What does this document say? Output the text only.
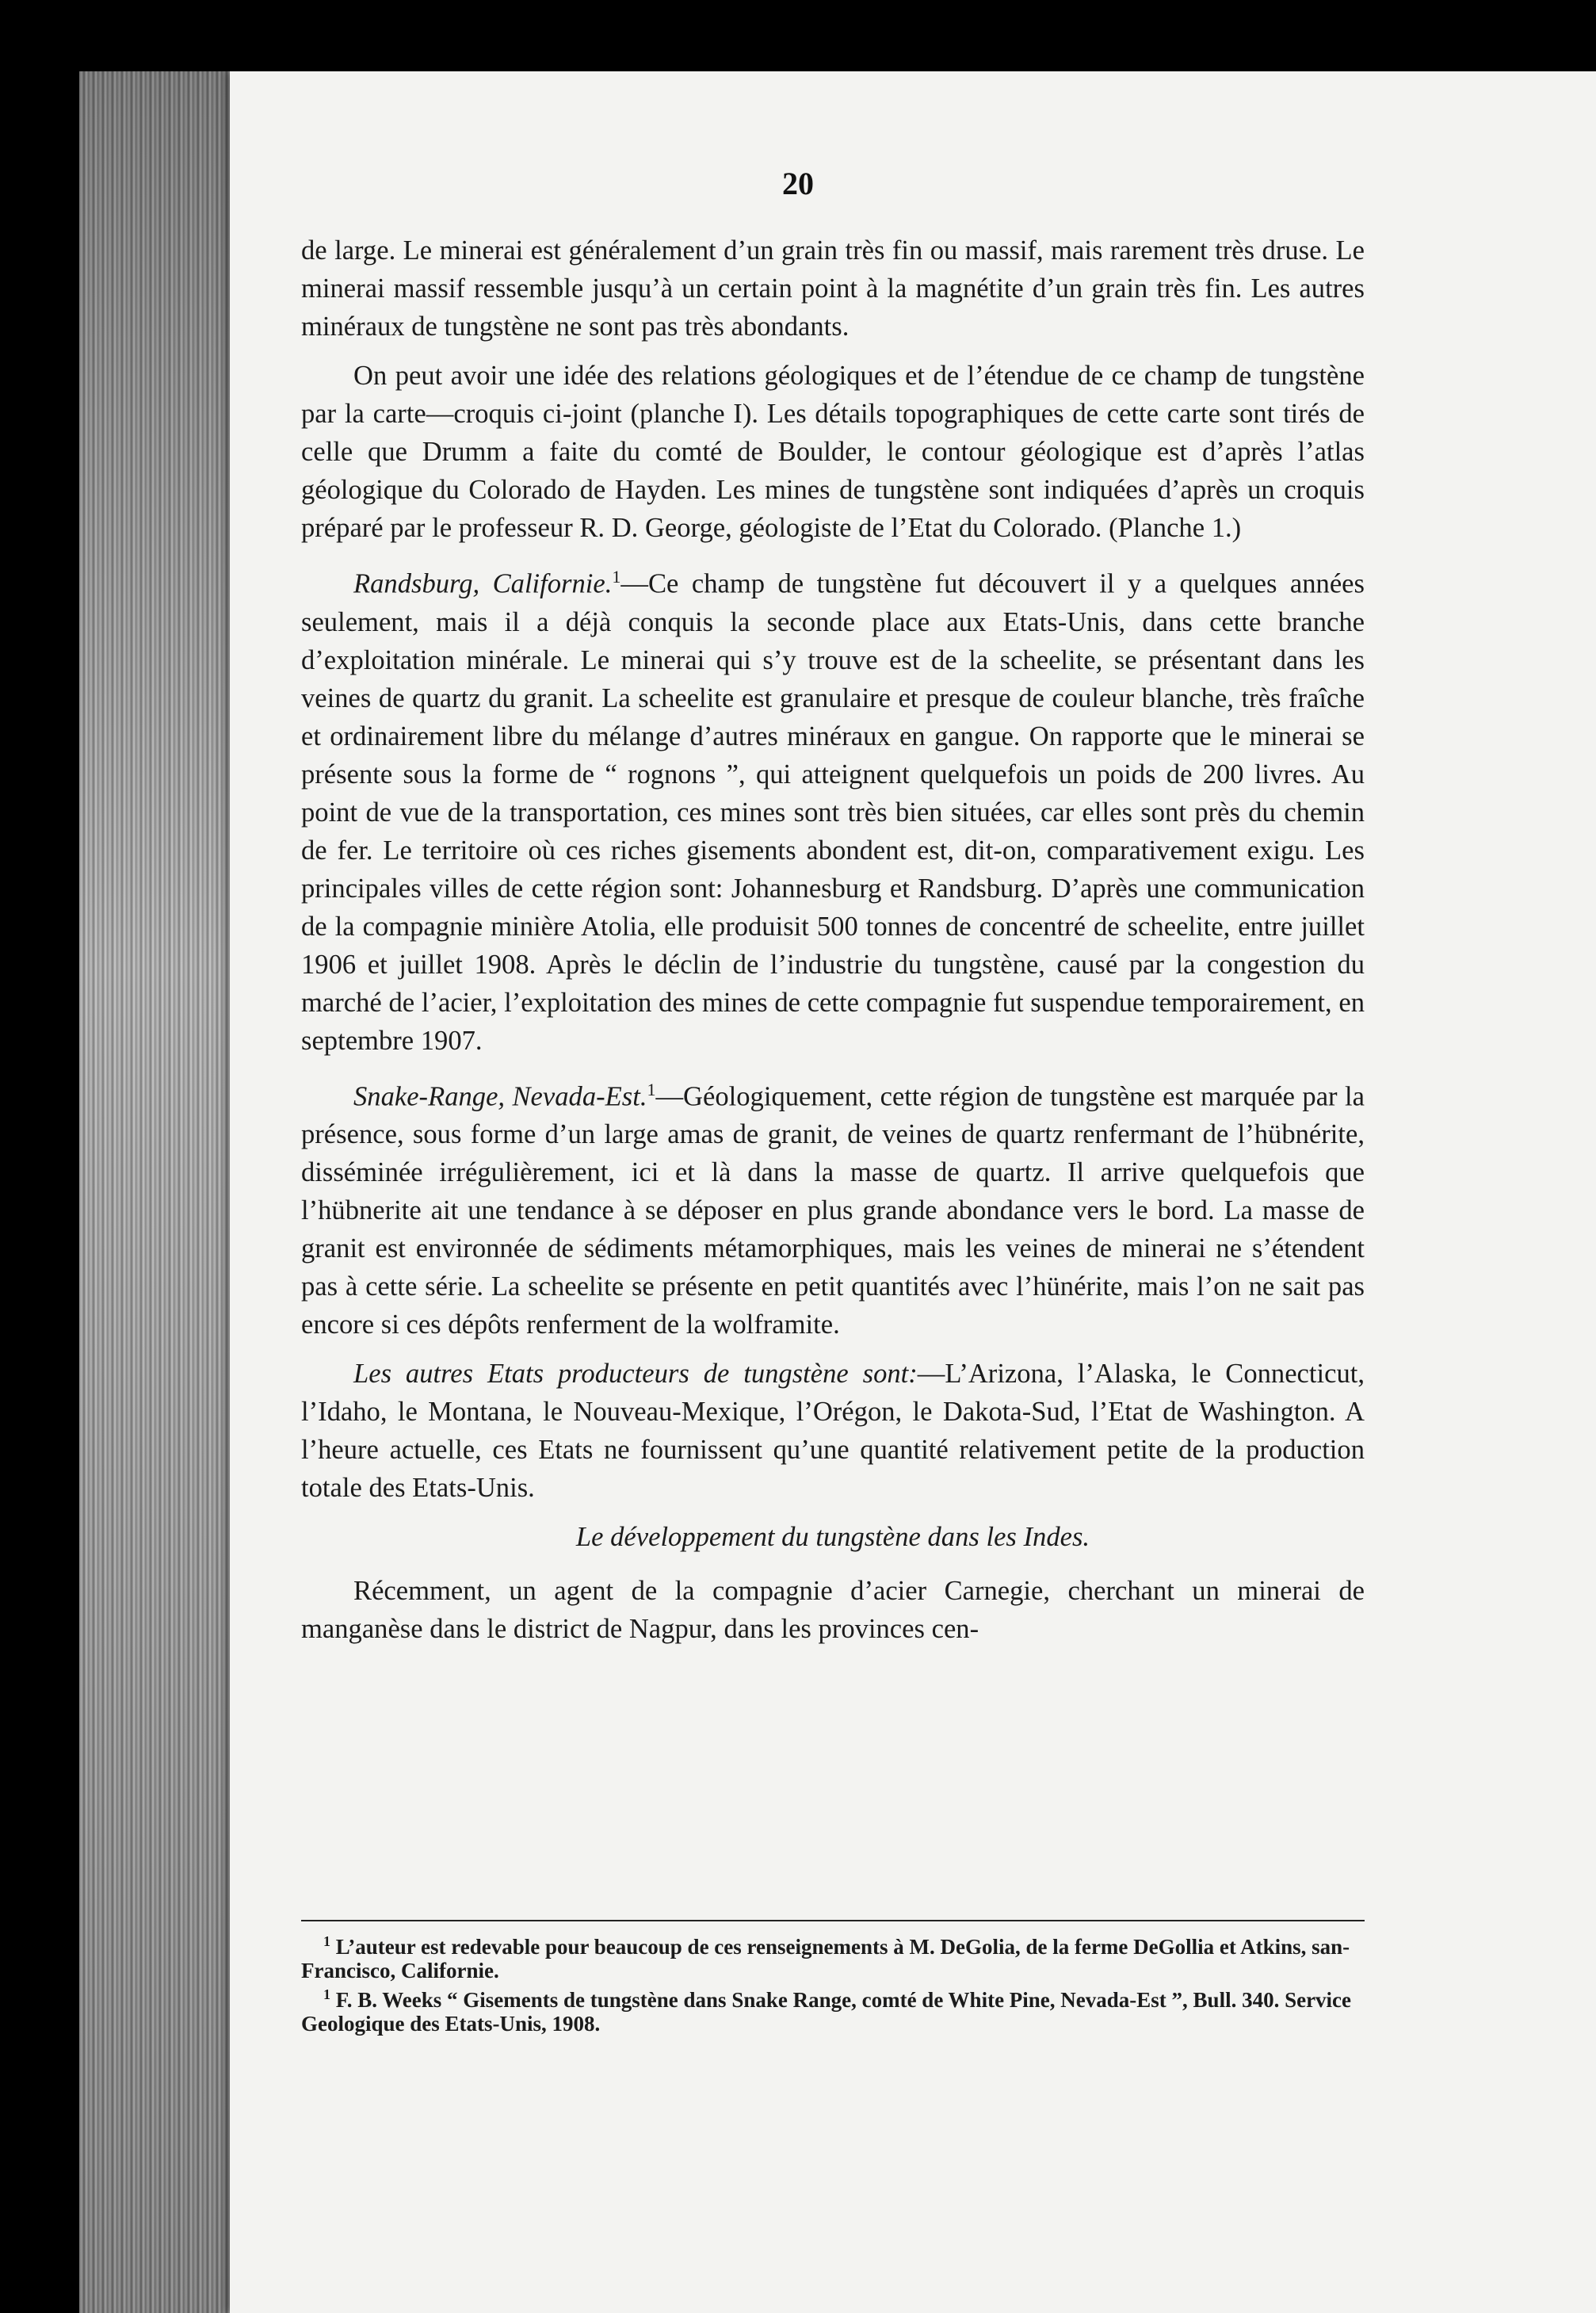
20

de large. Le minerai est généralement d’un grain très fin ou massif, mais rarement très druse. Le minerai massif ressemble jusqu’à un certain point à la magnétite d’un grain très fin. Les autres minéraux de tungstène ne sont pas très abondants.

On peut avoir une idée des relations géologiques et de l’étendue de ce champ de tungstène par la carte—croquis ci-joint (planche I). Les détails topographiques de cette carte sont tirés de celle que Drumm a faite du comté de Boulder, le contour géologique est d’après l’atlas géologique du Colorado de Hayden. Les mines de tungstène sont indiquées d’après un croquis préparé par le professeur R. D. George, géologiste de l’Etat du Colorado. (Planche 1.)

Randsburg, Californie.$^1$—Ce champ de tungstène fut découvert il y a quelques années seulement, mais il a déjà conquis la seconde place aux Etats-Unis, dans cette branche d’exploitation minérale. Le minerai qui s’y trouve est de la scheelite, se présentant dans les veines de quartz du granit. La scheelite est granulaire et presque de couleur blanche, très fraîche et ordinairement libre du mélange d’autres minéraux en gangue. On rapporte que le minerai se présente sous la forme de “ rognons ”, qui atteignent quelquefois un poids de 200 livres. Au point de vue de la transportation, ces mines sont très bien situées, car elles sont près du chemin de fer. Le territoire où ces riches gisements abondent est, dit-on, comparativement exigu. Les principales villes de cette région sont: Johannesburg et Randsburg. D’après une communication de la compagnie minière Atolia, elle produisit 500 tonnes de concentré de scheelite, entre juillet 1906 et juillet 1908. Après le déclin de l’industrie du tungstène, causé par la congestion du marché de l’acier, l’exploitation des mines de cette compagnie fut suspendue temporairement, en septembre 1907.

Snake-Range, Nevada-Est.$^1$—Géologiquement, cette région de tungstène est marquée par la présence, sous forme d’un large amas de granit, de veines de quartz renfermant de l’hübnérite, disséminée irrégulièrement, ici et là dans la masse de quartz. Il arrive quelquefois que l’hübnerite ait une tendance à se déposer en plus grande abondance vers le bord. La masse de granit est environnée de sédiments métamorphiques, mais les veines de minerai ne s’étendent pas à cette série. La scheelite se présente en petit quantités avec l’hünérite, mais l’on ne sait pas encore si ces dépôts renferment de la wolframite.

Les autres Etats producteurs de tungstène sont:—L’Arizona, l’Alaska, le Connecticut, l’Idaho, le Montana, le Nouveau-Mexique, l’Orégon, le Dakota-Sud, l’Etat de Washington. A l’heure actuelle, ces Etats ne fournissent qu’une quantité relativement petite de la production totale des Etats-Unis.

Le développement du tungstène dans les Indes.

Récemment, un agent de la compagnie d’acier Carnegie, cherchant un minerai de manganèse dans le district de Nagpur, dans les provinces cen-

$^1$ L’auteur est redevable pour beaucoup de ces renseignements à M. DeGolia, de la ferme DeGollia et Atkins, san-Francisco, Californie.

$^1$ F. B. Weeks “ Gisements de tungstène dans Snake Range, comté de White Pine, Nevada-Est ”, Bull. 340. Service Geologique des Etats-Unis, 1908.
